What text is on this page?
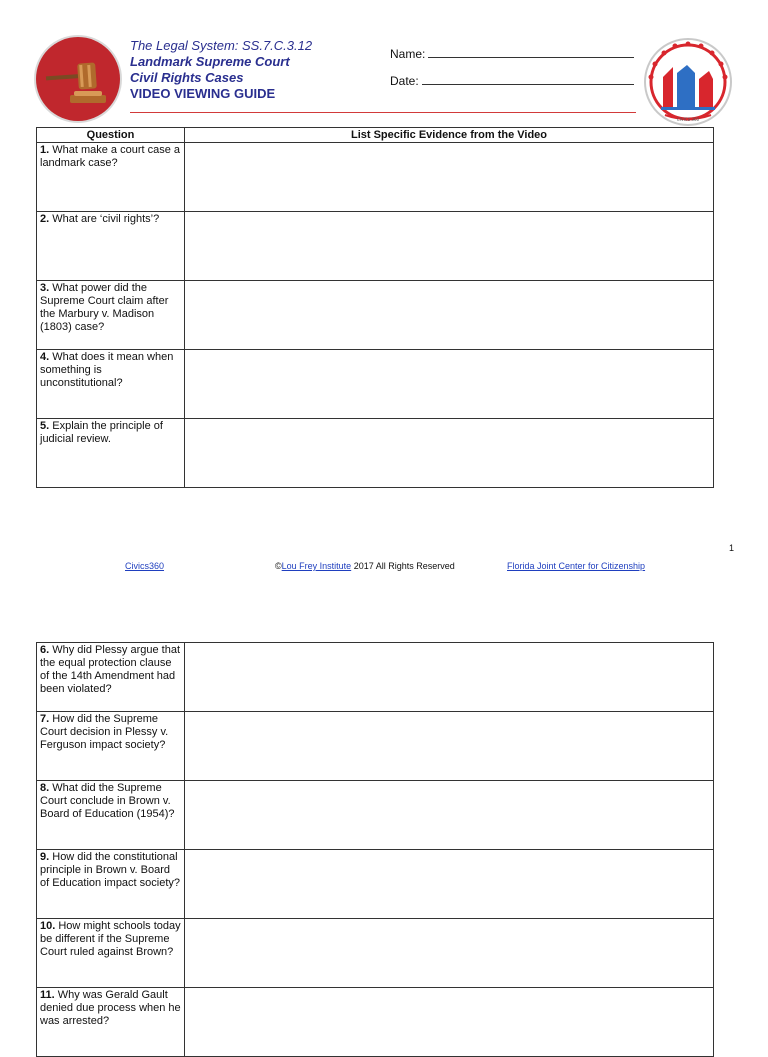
The Legal System: SS.7.C.3.12
Landmark Supreme Court
Civil Rights Cases
VIDEO VIEWING GUIDE
Name:
Date:
CIVICS 360
Question	List Specific Evidence from the Video
1. What make a court case a landmark case?	
2. What are ‘civil rights’?	
3. What power did the Supreme Court claim after the Marbury v. Madison (1803) case?	
4. What does it mean when something is unconstitutional?	
5. Explain the principle of judicial review.	
1
Civics360	©Lou Frey Institute 2017 All Rights Reserved	Florida Joint Center for Citizenship
6. Why did Plessy argue that the equal protection clause of the 14th Amendment had been violated?	
7. How did the Supreme Court decision in Plessy v. Ferguson impact society?	
8. What did the Supreme Court conclude in Brown v. Board of Education (1954)?	
9. How did the constitutional principle in Brown v. Board of Education impact society?	
10. How might schools today be different if the Supreme Court ruled against Brown?	
11. Why was Gerald Gault denied due process when he was arrested?	
